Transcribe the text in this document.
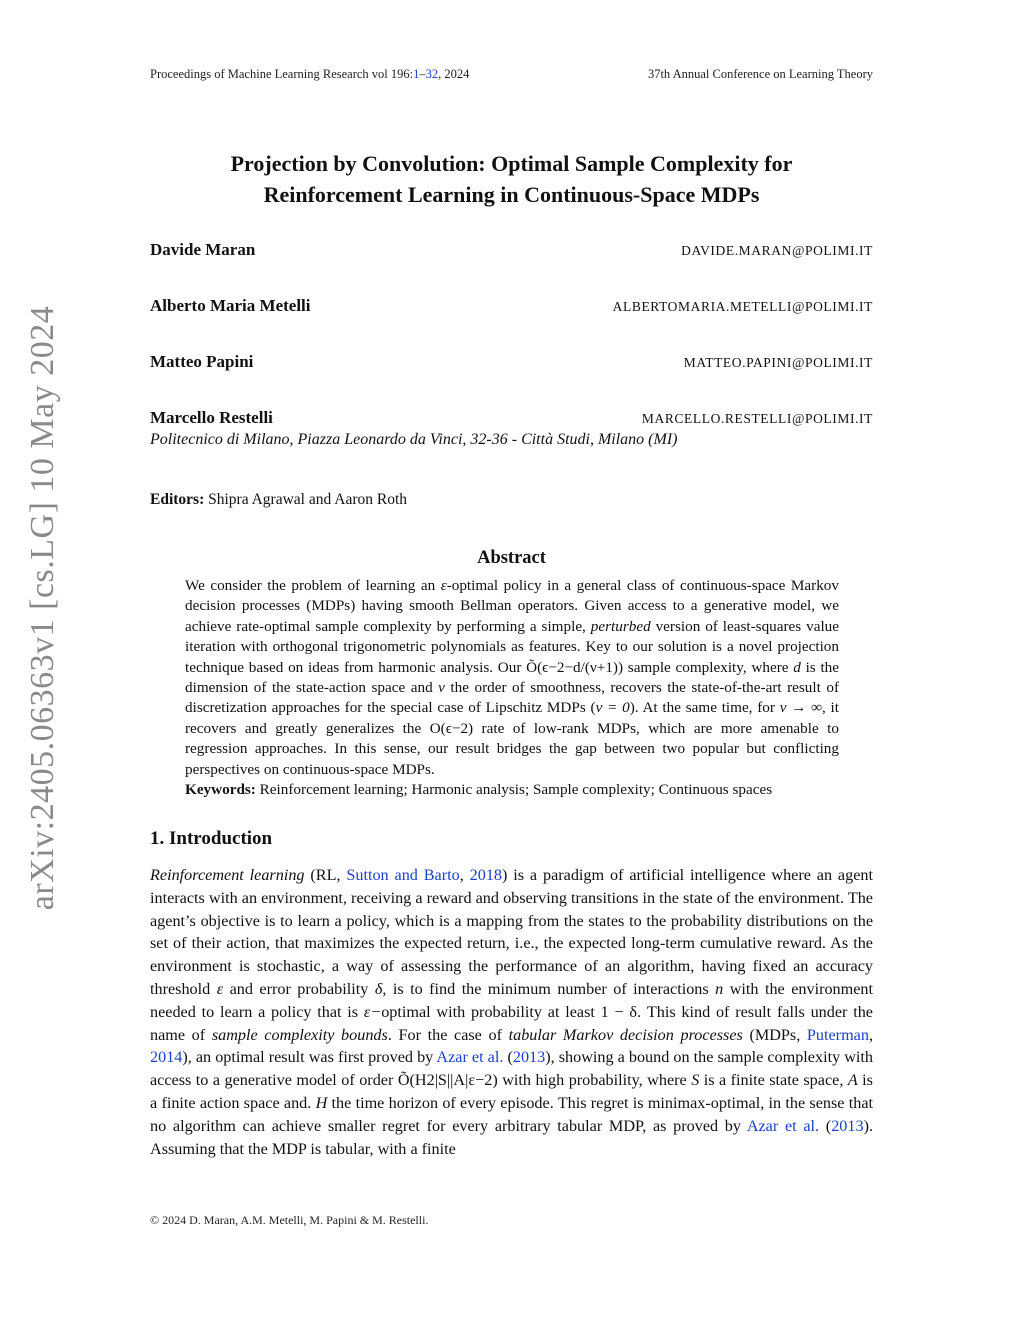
Proceedings of Machine Learning Research vol 196:1–32, 2024	37th Annual Conference on Learning Theory
arXiv:2405.06363v1 [cs.LG] 10 May 2024
Projection by Convolution: Optimal Sample Complexity for
Reinforcement Learning in Continuous-Space MDPs
Davide Maran	DAVIDE.MARAN@POLIMI.IT
Alberto Maria Metelli	ALBERTOMARIA.METELLI@POLIMI.IT
Matteo Papini	MATTEO.PAPINI@POLIMI.IT
Marcello Restelli	MARCELLO.RESTELLI@POLIMI.IT
Politecnico di Milano, Piazza Leonardo da Vinci, 32-36 - Città Studi, Milano (MI)
Editors: Shipra Agrawal and Aaron Roth
Abstract

We consider the problem of learning an ε-optimal policy in a general class of continuous-space Markov decision processes (MDPs) having smooth Bellman operators. Given access to a generative model, we achieve rate-optimal sample complexity by performing a simple, perturbed version of least-squares value iteration with orthogonal trigonometric polynomials as features. Key to our solution is a novel projection technique based on ideas from harmonic analysis. Our Õ(ϵ−2−d/(ν+1)) sample complexity, where d is the dimension of the state-action space and ν the order of smoothness, recovers the state-of-the-art result of discretization approaches for the special case of Lipschitz MDPs (ν = 0). At the same time, for ν → ∞, it recovers and greatly generalizes the O(ϵ−2) rate of low-rank MDPs, which are more amenable to regression approaches. In this sense, our result bridges the gap between two popular but conflicting perspectives on continuous-space MDPs.

Keywords: Reinforcement learning; Harmonic analysis; Sample complexity; Continuous spaces

1. Introduction

Reinforcement learning (RL, Sutton and Barto, 2018) is a paradigm of artificial intelligence where an agent interacts with an environment, receiving a reward and observing transitions in the state of the environment. The agent’s objective is to learn a policy, which is a mapping from the states to the probability distributions on the set of their action, that maximizes the expected return, i.e., the expected long-term cumulative reward. As the environment is stochastic, a way of assessing the performance of an algorithm, having fixed an accuracy threshold ε and error probability δ, is to find the minimum number of interactions n with the environment needed to learn a policy that is ε−optimal with probability at least 1 − δ. This kind of result falls under the name of sample complexity bounds. For the case of tabular Markov decision processes (MDPs, Puterman, 2014), an optimal result was first proved by Azar et al. (2013), showing a bound on the sample complexity with access to a generative model of order Õ(H2|S||A|ε−2) with high probability, where S is a finite state space, A is a finite action space and. H the time horizon of every episode. This regret is minimax-optimal, in the sense that no algorithm can achieve smaller regret for every arbitrary tabular MDP, as proved by Azar et al. (2013). Assuming that the MDP is tabular, with a finite

© 2024 D. Maran, A.M. Metelli, M. Papini & M. Restelli.
